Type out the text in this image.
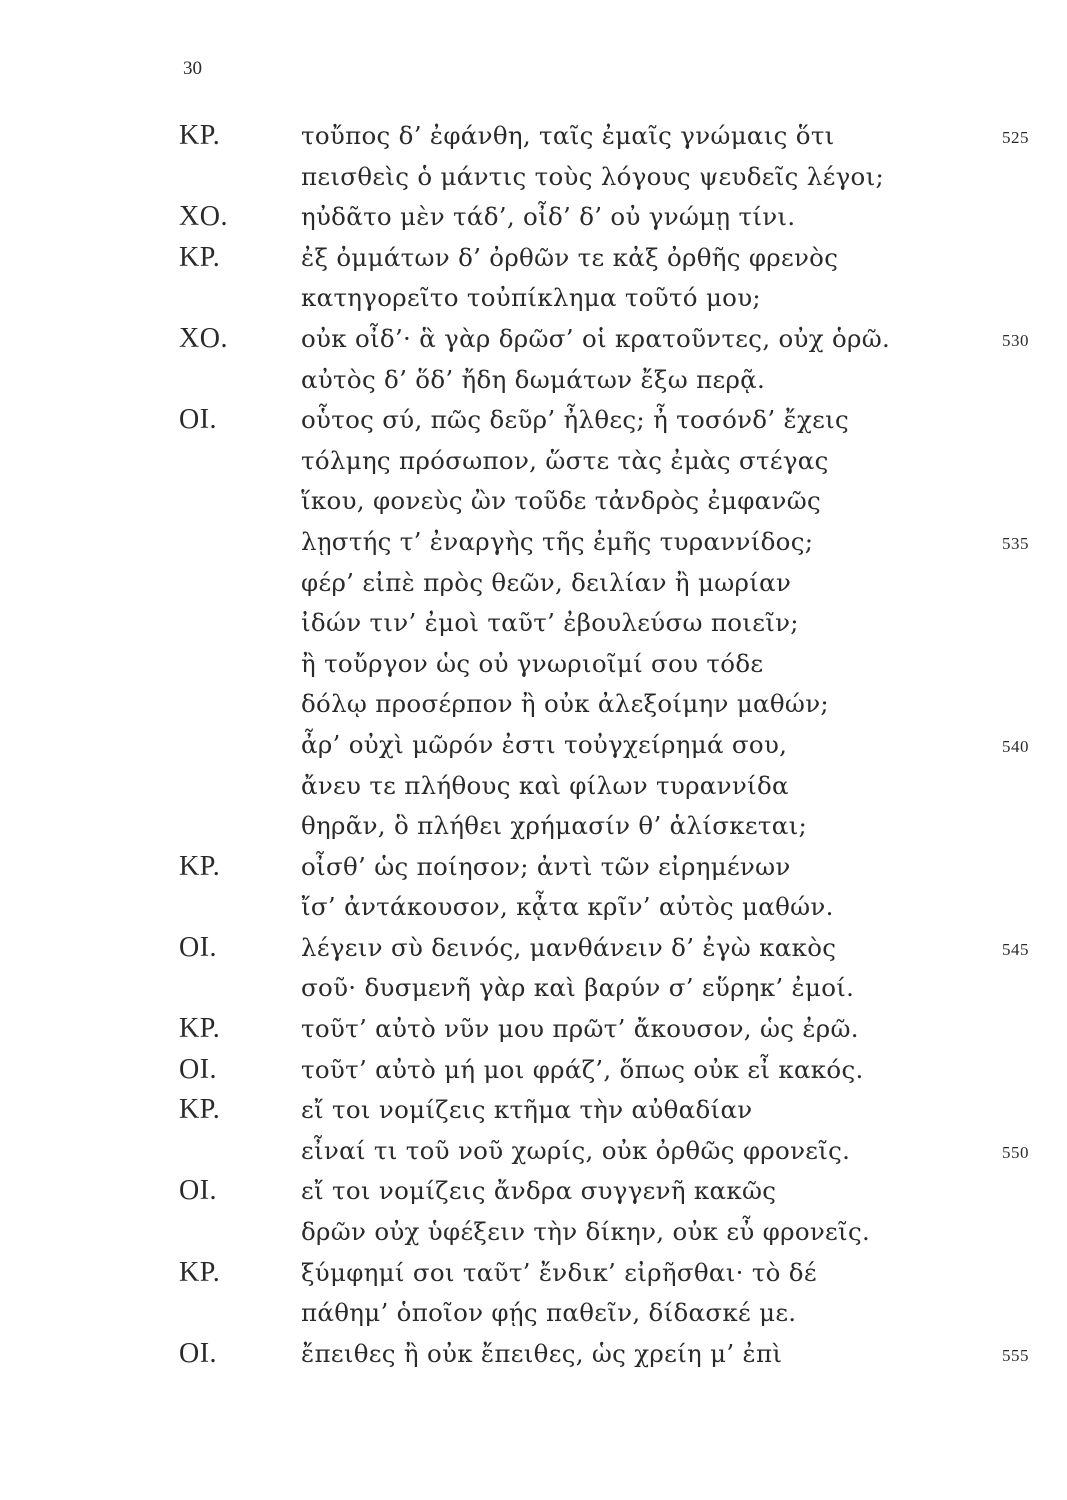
30
ΚΡ.	τοὔπος δ’ ἐφάνθη, ταῖς ἐμαῖς γνώμαις ὅτι	525
πεισθεὶς ὁ μάντις τοὺς λόγους ψευδεῖς λέγοι;
ΧΟ.	ηὐδᾶτο μὲν τάδ’, οἶδ’ δ’ οὐ γνώμῃ τίνι.
ΚΡ.	ἐξ ὀμμάτων δ’ ὀρθῶν τε κἀξ ὀρθῆς φρενὸς
κατηγορεῖτο τοὐπίκλημα τοῦτό μου;
ΧΟ.	οὐκ οἶδ’· ἃ γὰρ δρῶσ’ οἱ κρατοῦντες, οὐχ ὁρῶ.	530
αὐτὸς δ’ ὅδ’ ἤδη δωμάτων ἔξω περᾷ.
ΟΙ.	οὗτος σύ, πῶς δεῦρ’ ἦλθες; ἦ τοσόνδ’ ἔχεις
τόλμης πρόσωπον, ὥστε τὰς ἐμὰς στέγας
ἵκου, φονεὺς ὢν τοῦδε τἀνδρὸς ἐμφανῶς
λῃστής τ’ ἐναργὴς τῆς ἐμῆς τυραννίδος;	535
φέρ’ εἰπὲ πρὸς θεῶν, δειλίαν ἢ μωρίαν
ἰδών τιν’ ἐμοὶ ταῦτ’ ἐβουλεύσω ποιεῖν;
ἢ τοὔργον ὡς οὐ γνωριοῖμί σου τόδε
δόλῳ προσέρπον ἢ οὐκ ἀλεξοίμην μαθών;
ἆρ’ οὐχὶ μῶρόν ἐστι τοὐγχείρημά σου,	540
ἄνευ τε πλήθους καὶ φίλων τυραννίδα
θηρᾶν, ὃ πλήθει χρήμασίν θ’ ἁλίσκεται;
ΚΡ.	οἶσθ’ ὡς ποίησον; ἀντὶ τῶν εἰρημένων
ἴσ’ ἀντάκουσον, κᾆτα κρῖν’ αὐτὸς μαθών.
ΟΙ.	λέγειν σὺ δεινός, μανθάνειν δ’ ἐγὼ κακὸς	545
σοῦ· δυσμενῆ γὰρ καὶ βαρύν σ’ εὕρηκ’ ἐμοί.
ΚΡ.	τοῦτ’ αὐτὸ νῦν μου πρῶτ’ ἄκουσον, ὡς ἐρῶ.
ΟΙ.	τοῦτ’ αὐτὸ μή μοι φράζ’, ὅπως οὐκ εἶ κακός.
ΚΡ.	εἴ τοι νομίζεις κτῆμα τὴν αὐθαδίαν
εἶναί τι τοῦ νοῦ χωρίς, οὐκ ὀρθῶς φρονεῖς.	550
ΟΙ.	εἴ τοι νομίζεις ἄνδρα συγγενῆ κακῶς
δρῶν οὐχ ὑφέξειν τὴν δίκην, οὐκ εὖ φρονεῖς.
ΚΡ.	ξύμφημί σοι ταῦτ’ ἔνδικ’ εἰρῆσθαι· τὸ δέ
πάθημ’ ὁποῖον φῄς παθεῖν, δίδασκέ με.
ΟΙ.	ἔπειθες ἢ οὐκ ἔπειθες, ὡς χρείη μ’ ἐπὶ	555
